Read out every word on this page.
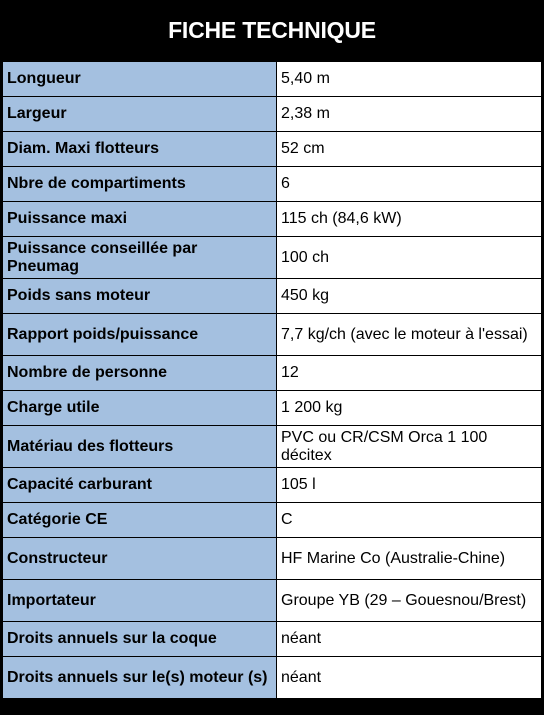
FICHE TECHNIQUE
Longueur	5,40 m
Largeur	2,38 m
Diam. Maxi flotteurs	52 cm
Nbre de compartiments	6
Puissance maxi	115 ch (84,6 kW)
Puissance conseillée par Pneumag	100 ch
Poids sans moteur	450 kg
Rapport poids/puissance	7,7 kg/ch (avec le moteur à l'essai)
Nombre de personne	12
Charge utile	1 200 kg
Matériau des flotteurs	PVC ou CR/CSM Orca 1 100 décitex
Capacité carburant	105 l
Catégorie CE	C
Constructeur	HF Marine Co (Australie-Chine)
Importateur	Groupe YB (29 – Gouesnou/Brest)
Droits annuels sur la coque	néant
Droits annuels sur le(s) moteur (s)	néant
